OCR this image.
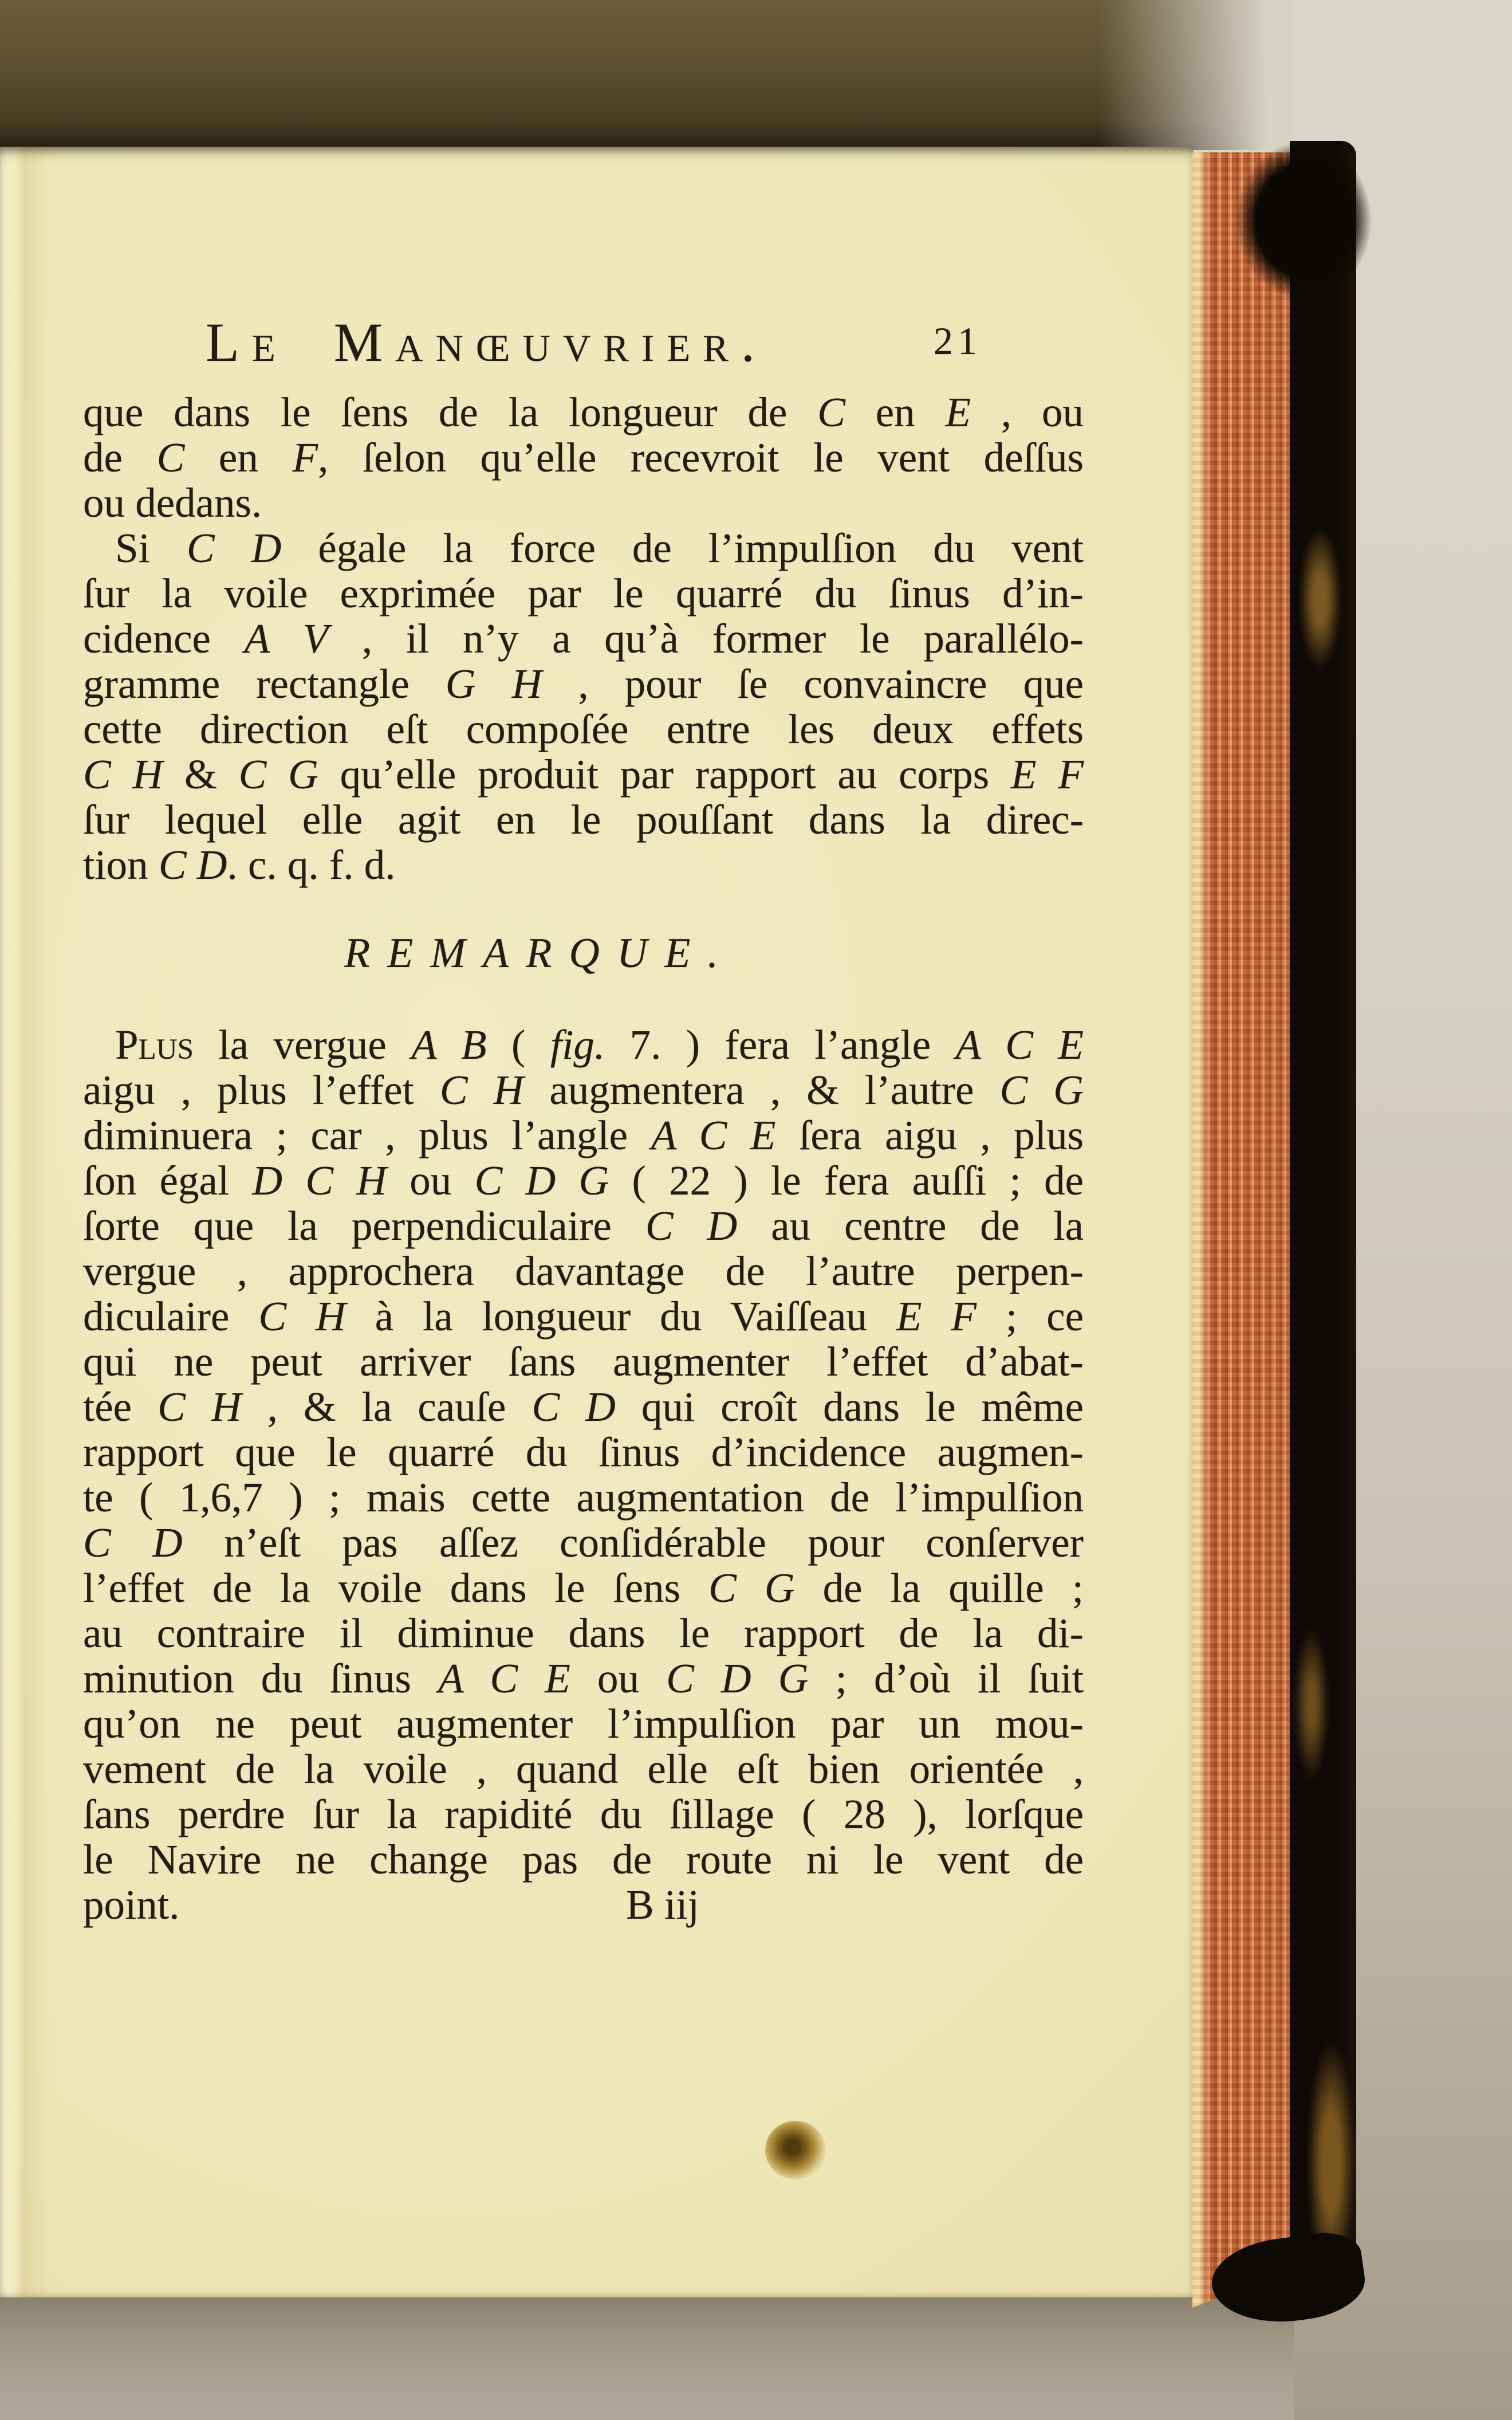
Le Manœuvrier.	21
que dans le ſens de la longueur de C en E , ou
de C en F, ſelon qu’elle recevroit le vent deſſus
ou dedans.
Si C D égale la force de l’impulſion du vent
ſur la voile exprimée par le quarré du ſinus d’in-
cidence A V , il n’y a qu’à former le parallélo-
gramme rectangle G H , pour ſe convaincre que
cette direction eſt compoſée entre les deux effets
C H & C G qu’elle produit par rapport au corps E F
ſur lequel elle agit en le pouſſant dans la direc-
tion C D. c. q. f. d.
REMARQUE.
Plus la vergue A B ( fig. 7. ) fera l’angle A C E
aigu , plus l’effet C H augmentera , & l’autre C G
diminuera ; car , plus l’angle A C E ſera aigu , plus
ſon égal D C H ou C D G ( 22 ) le fera auſſi ; de
ſorte que la perpendiculaire C D au centre de la
vergue , approchera davantage de l’autre perpen-
diculaire C H à la longueur du Vaiſſeau E F ; ce
qui ne peut arriver ſans augmenter l’effet d’abat-
tée C H , & la cauſe C D qui croît dans le même
rapport que le quarré du ſinus d’incidence augmen-
te ( 1,6,7 ) ; mais cette augmentation de l’impulſion
C D n’eſt pas aſſez conſidérable pour conſerver
l’effet de la voile dans le ſens C G de la quille ;
au contraire il diminue dans le rapport de la di-
minution du ſinus A C E ou C D G ; d’où il ſuit
qu’on ne peut augmenter l’impulſion par un mou-
vement de la voile , quand elle eſt bien orientée ,
ſans perdre ſur la rapidité du ſillage ( 28 ), lorſque
le Navire ne change pas de route ni le vent de
point.	B iij
